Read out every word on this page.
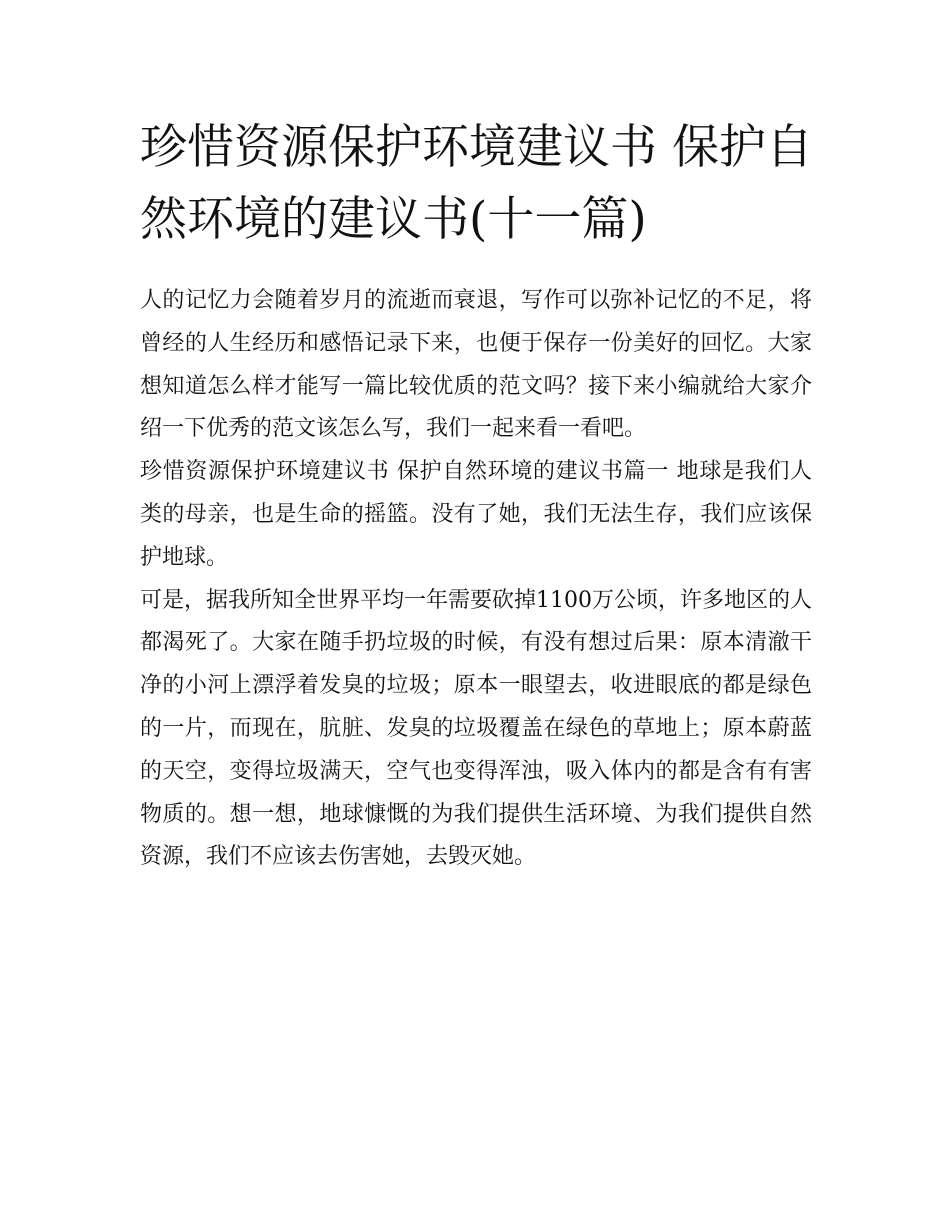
珍惜资源保护环境建议书 保护自然环境的建议书(十一篇)

人的记忆力会随着岁月的流逝而衰退，写作可以弥补记忆的不足，将曾经的人生经历和感悟记录下来，也便于保存一份美好的回忆。大家想知道怎么样才能写一篇比较优质的范文吗？接下来小编就给大家介绍一下优秀的范文该怎么写，我们一起来看一看吧。

珍惜资源保护环境建议书 保护自然环境的建议书篇一 地球是我们人类的母亲，也是生命的摇篮。没有了她，我们无法生存，我们应该保护地球。

可是，据我所知全世界平均一年需要砍掉1100万公顷，许多地区的人都渴死了。大家在随手扔垃圾的时候，有没有想过后果：原本清澈干净的小河上漂浮着发臭的垃圾；原本一眼望去，收进眼底的都是绿色的一片，而现在，肮脏、发臭的垃圾覆盖在绿色的草地上；原本蔚蓝的天空，变得垃圾满天，空气也变得浑浊，吸入体内的都是含有有害物质的。想一想，地球慷慨的为我们提供生活环境、为我们提供自然资源，我们不应该去伤害她，去毁灭她。
